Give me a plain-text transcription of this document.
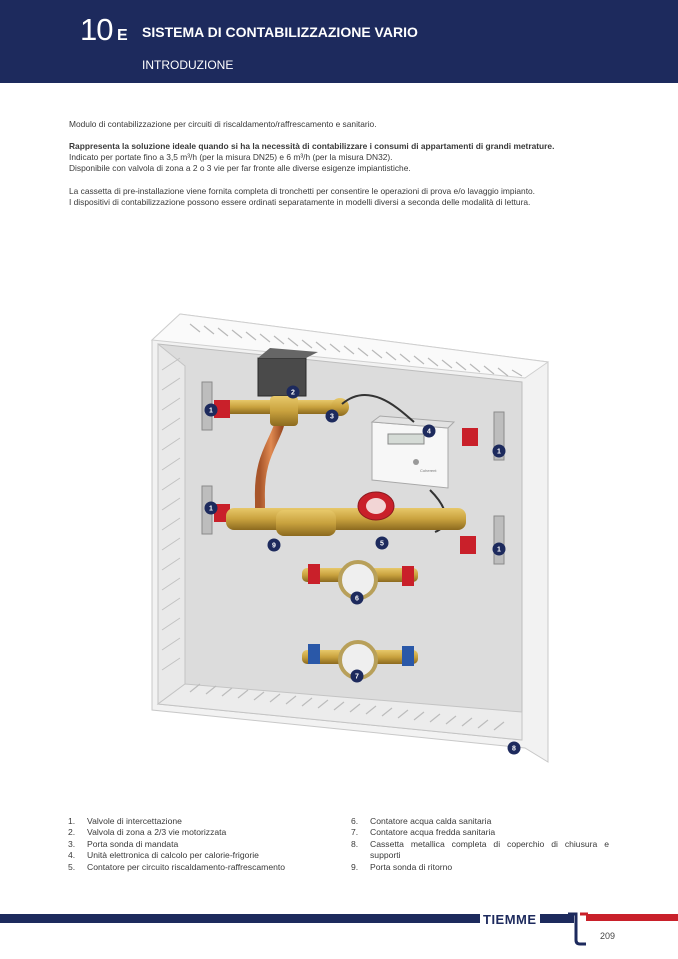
10 E SISTEMA DI CONTABILIZZAZIONE VARIO
INTRODUZIONE

Modulo di contabilizzazione per circuiti di riscaldamento/raffrescamento e sanitario.

Rappresenta la soluzione ideale quando si ha la necessità di contabilizzare i consumi di appartamenti di grandi metrature.

Indicato per portate fino a 3,5 m³/h (per la misura DN25) e 6 m³/h (per la misura DN32).

Disponibile con valvola di zona a 2 o 3 vie per far fronte alle diverse esigenze impiantistiche.

La cassetta di pre-installazione viene fornita completa di tronchetti per consentire le operazioni di prova e/o lavaggio impianto.

I dispositivi di contabilizzazione possono essere ordinati separatamente in modelli diversi a seconda delle modalità di lettura.

Coherent
1
2
3
4
1
1
9	5
1
6
7
8
1.	Valvole di intercettazione
2.	Valvola di zona a 2/3 vie motorizzata
3.	Porta sonda di mandata
4.	Unità elettronica di calcolo per calorie-frigorie
5.	Contatore per circuito riscaldamento-raffrescamento
6.	Contatore acqua calda sanitaria
7.	Contatore acqua fredda sanitaria
8.	Cassetta metallica completa di coperchio di chiusura e supporti
9.	Porta sonda di ritorno
TIEMME
209
